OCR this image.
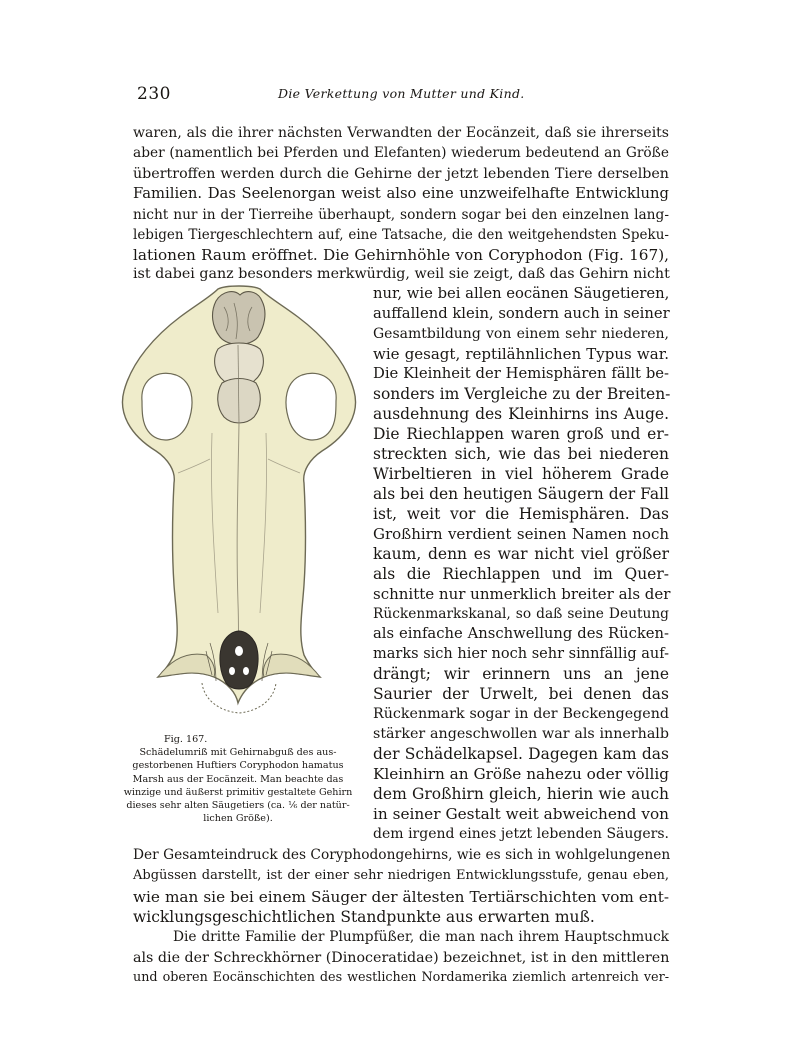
230	Die Verkettung von Mutter und Kind.
waren, als die ihrer nächsten Verwandten der Eocänzeit, daß sie ihrerseits
aber (namentlich bei Pferden und Elefanten) wiederum bedeutend an Größe
übertroffen werden durch die Gehirne der jetzt lebenden Tiere derselben
Familien. Das Seelenorgan weist also eine unzweifelhafte Entwicklung
nicht nur in der Tierreihe überhaupt, sondern sogar bei den einzelnen lang-
lebigen Tiergeschlechtern auf, eine Tatsache, die den weitgehendsten Speku-
lationen Raum eröffnet. Die Gehirnhöhle von Coryphodon (Fig. 167),
ist dabei ganz besonders merkwürdig, weil sie zeigt, daß das Gehirn nicht
Fig. 167.
Schädelumriß mit Gehirnabguß des aus-
gestorbenen Huftiers Coryphodon hamatus
Marsh aus der Eocänzeit. Man beachte das
winzige und äußerst primitiv gestaltete Gehirn
dieses sehr alten Säugetiers (ca. ⅙ der natür-
lichen Größe).
nur, wie bei allen eocänen Säugetieren,
auffallend klein, sondern auch in seiner
Gesamtbildung von einem sehr niederen,
wie gesagt, reptilähnlichen Typus war.
Die Kleinheit der Hemisphären fällt be-
sonders im Vergleiche zu der Breiten-
ausdehnung des Kleinhirns ins Auge.
Die Riechlappen waren groß und er-
streckten sich, wie das bei niederen
Wirbeltieren in viel höherem Grade
als bei den heutigen Säugern der Fall
ist, weit vor die Hemisphären. Das
Großhirn verdient seinen Namen noch
kaum, denn es war nicht viel größer
als die Riechlappen und im Quer-
schnitte nur unmerklich breiter als der
Rückenmarkskanal, so daß seine Deutung
als einfache Anschwellung des Rücken-
marks sich hier noch sehr sinnfällig auf-
drängt; wir erinnern uns an jene
Saurier der Urwelt, bei denen das
Rückenmark sogar in der Beckengegend
stärker angeschwollen war als innerhalb
der Schädelkapsel. Dagegen kam das
Kleinhirn an Größe nahezu oder völlig
dem Großhirn gleich, hierin wie auch
in seiner Gestalt weit abweichend von
dem irgend eines jetzt lebenden Säugers.
Der Gesamteindruck des Coryphodongehirns, wie es sich in wohlgelungenen
Abgüssen darstellt, ist der einer sehr niedrigen Entwicklungsstufe, genau eben,
wie man sie bei einem Säuger der ältesten Tertiärschichten vom ent-
wicklungsgeschichtlichen Standpunkte aus erwarten muß.
Die dritte Familie der Plumpfüßer, die man nach ihrem Hauptschmuck
als die der Schreckhörner (Dinoceratidae) bezeichnet, ist in den mittleren
und oberen Eocänschichten des westlichen Nordamerika ziemlich artenreich ver-
